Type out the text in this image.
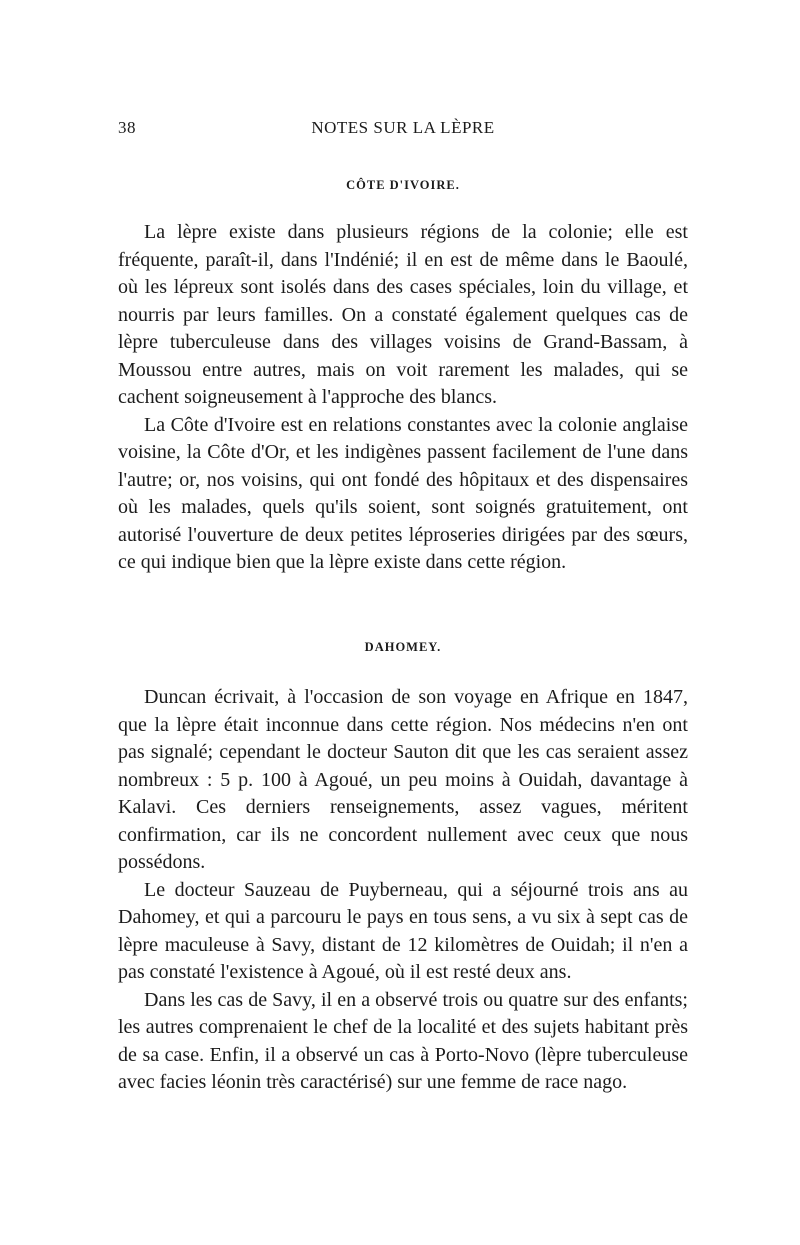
38	NOTES SUR LA LÈPRE

CÔTE D'IVOIRE.

La lèpre existe dans plusieurs régions de la colonie; elle est fréquente, paraît-il, dans l'Indénié; il en est de même dans le Baoulé, où les lépreux sont isolés dans des cases spéciales, loin du village, et nourris par leurs familles. On a constaté également quelques cas de lèpre tuberculeuse dans des villages voisins de Grand-Bassam, à Moussou entre autres, mais on voit rarement les malades, qui se cachent soigneusement à l'approche des blancs.

La Côte d'Ivoire est en relations constantes avec la colonie anglaise voisine, la Côte d'Or, et les indigènes passent facilement de l'une dans l'autre; or, nos voisins, qui ont fondé des hôpitaux et des dispensaires où les malades, quels qu'ils soient, sont soignés gratuitement, ont autorisé l'ouverture de deux petites léproseries dirigées par des sœurs, ce qui indique bien que la lèpre existe dans cette région.

DAHOMEY.

Duncan écrivait, à l'occasion de son voyage en Afrique en 1847, que la lèpre était inconnue dans cette région. Nos médecins n'en ont pas signalé; cependant le docteur Sauton dit que les cas seraient assez nombreux : 5 p. 100 à Agoué, un peu moins à Ouidah, davantage à Kalavi. Ces derniers renseignements, assez vagues, méritent confirmation, car ils ne concordent nullement avec ceux que nous possédons.

Le docteur Sauzeau de Puyberneau, qui a séjourné trois ans au Dahomey, et qui a parcouru le pays en tous sens, a vu six à sept cas de lèpre maculeuse à Savy, distant de 12 kilomètres de Ouidah; il n'en a pas constaté l'existence à Agoué, où il est resté deux ans.

Dans les cas de Savy, il en a observé trois ou quatre sur des enfants; les autres comprenaient le chef de la localité et des sujets habitant près de sa case. Enfin, il a observé un cas à Porto-Novo (lèpre tuberculeuse avec facies léonin très caractérisé) sur une femme de race nago.
